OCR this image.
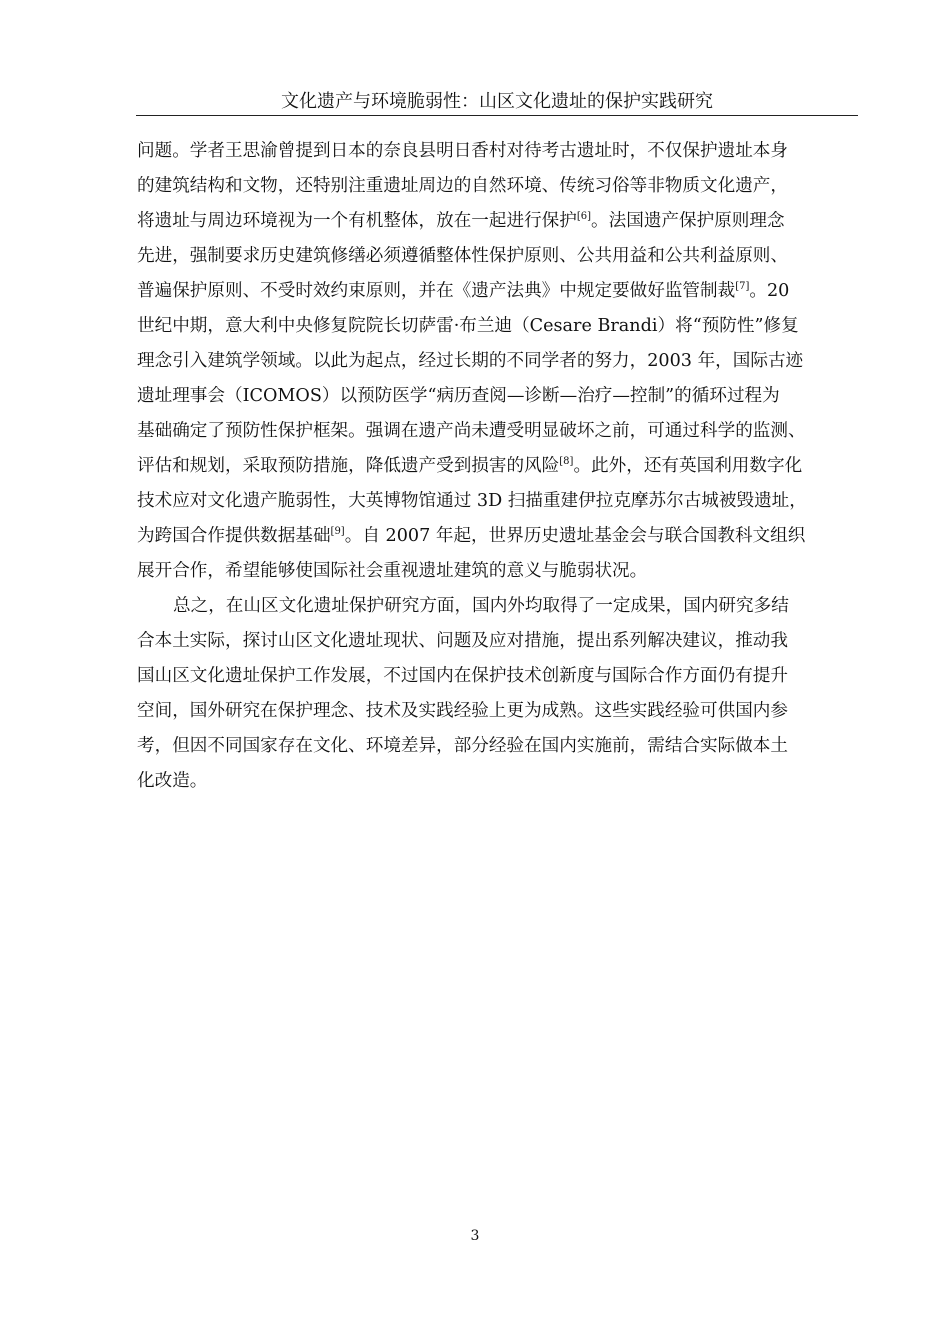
文化遗产与环境脆弱性：山区文化遗址的保护实践研究
问题。学者王思渝曾提到日本的奈良县明日香村对待考古遗址时，不仅保护遗址本身
的建筑结构和文物，还特别注重遗址周边的自然环境、传统习俗等非物质文化遗产，
将遗址与周边环境视为一个有机整体，放在一起进行保护[6]。法国遗产保护原则理念
先进，强制要求历史建筑修缮必须遵循整体性保护原则、公共用益和公共利益原则、
普遍保护原则、不受时效约束原则，并在《遗产法典》中规定要做好监管制裁[7]。20
世纪中期，意大利中央修复院院长切萨雷·布兰迪（Cesare Brandi）将“预防性”修复
理念引入建筑学领域。以此为起点，经过长期的不同学者的努力，2003 年，国际古迹
遗址理事会（ICOMOS）以预防医学“病历查阅—诊断—治疗—控制”的循环过程为
基础确定了预防性保护框架。强调在遗产尚未遭受明显破坏之前，可通过科学的监测、
评估和规划，采取预防措施，降低遗产受到损害的风险[8]。此外，还有英国利用数字化
技术应对文化遗产脆弱性，大英博物馆通过 3D 扫描重建伊拉克摩苏尔古城被毁遗址，
为跨国合作提供数据基础[9]。自 2007 年起，世界历史遗址基金会与联合国教科文组织
展开合作，希望能够使国际社会重视遗址建筑的意义与脆弱状况。
总之，在山区文化遗址保护研究方面，国内外均取得了一定成果，国内研究多结
合本土实际，探讨山区文化遗址现状、问题及应对措施，提出系列解决建议，推动我
国山区文化遗址保护工作发展，不过国内在保护技术创新度与国际合作方面仍有提升
空间，国外研究在保护理念、技术及实践经验上更为成熟。这些实践经验可供国内参
考，但因不同国家存在文化、环境差异，部分经验在国内实施前，需结合实际做本土
化改造。
3
